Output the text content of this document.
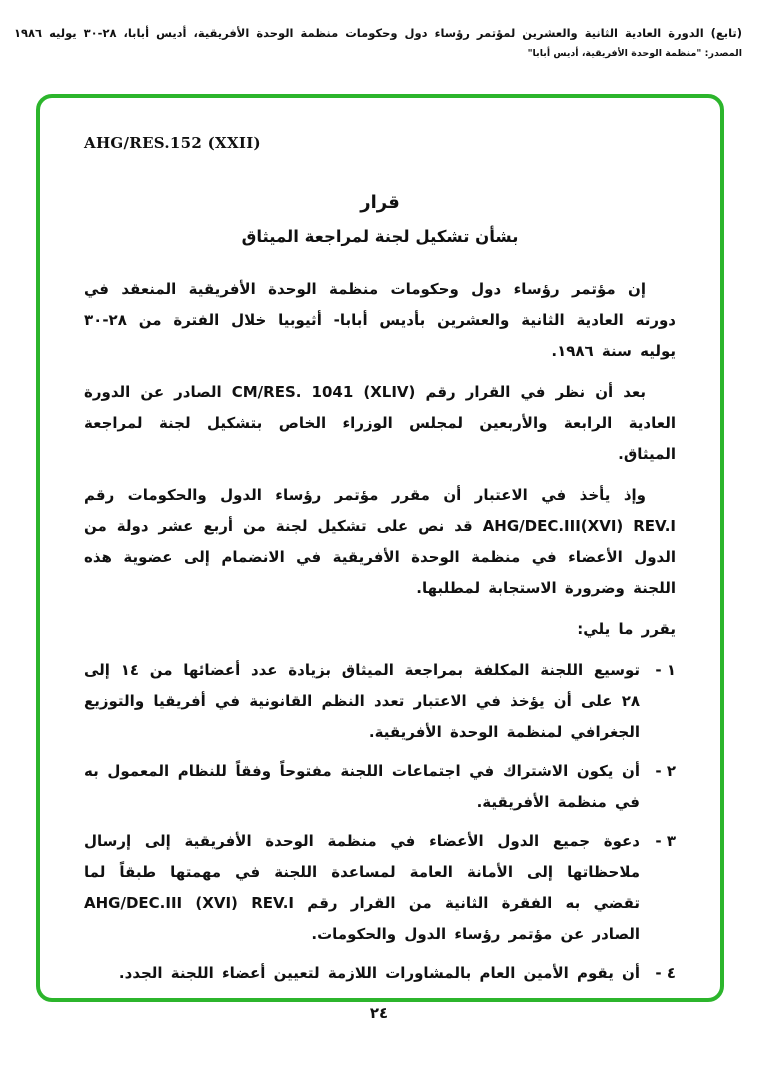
(تابع) الدورة العادية الثانية والعشرين لمؤتمر رؤساء دول وحكومات منظمة الوحدة الأفريقية، أديس أبابا، ٢٨-٣٠ يوليه ١٩٨٦
المصدر: "منظمة الوحدة الأفريقية، أديس أبابا"
AHG/RES.152 (XXII)
قرار
بشأن تشكيل لجنة لمراجعة الميثاق

إن مؤتمر رؤساء دول وحكومات منظمة الوحدة الأفريقية المنعقد في دورته العادية الثانية والعشرين بأديس أبابا- أثيوبيا خلال الفترة من ٢٨-٣٠ يوليه سنة ١٩٨٦.

بعد أن نظر في القرار رقم ‎CM/RES. 1041 (XLIV)‎ الصادر عن الدورة العادية الرابعة والأربعين لمجلس الوزراء الخاص بتشكيل لجنة لمراجعة الميثاق.

وإذ يأخذ في الاعتبار أن مقرر مؤتمر رؤساء الدول والحكومات رقم ‎AHG/DEC.III(XVI) REV.I‎ قد نص على تشكيل لجنة من أربع عشر دولة من الدول الأعضاء في منظمة الوحدة الأفريقية في الانضمام إلى عضوية هذه اللجنة وضرورة الاستجابة لمطلبها.

يقرر ما يلي:

١ -
توسيع اللجنة المكلفة بمراجعة الميثاق بزيادة عدد أعضائها من ١٤ إلى ٢٨ على أن يؤخذ في الاعتبار تعدد النظم القانونية في أفريقيا والتوزيع الجغرافي لمنظمة الوحدة الأفريقية.
٢ -
أن يكون الاشتراك في اجتماعات اللجنة مفتوحاً وفقاً للنظام المعمول به في منظمة الأفريقية.
٣ -
دعوة جميع الدول الأعضاء في منظمة الوحدة الأفريقية إلى إرسال ملاحظاتها إلى الأمانة العامة لمساعدة اللجنة في مهمتها طبقاً لما تقضي به الفقرة الثانية من القرار رقم ‎AHG/DEC.III (XVI) REV.I‎ الصادر عن مؤتمر رؤساء الدول والحكومات.
٤ -
أن يقوم الأمين العام بالمشاورات اللازمة لتعيين أعضاء اللجنة الجدد.
٢٤
